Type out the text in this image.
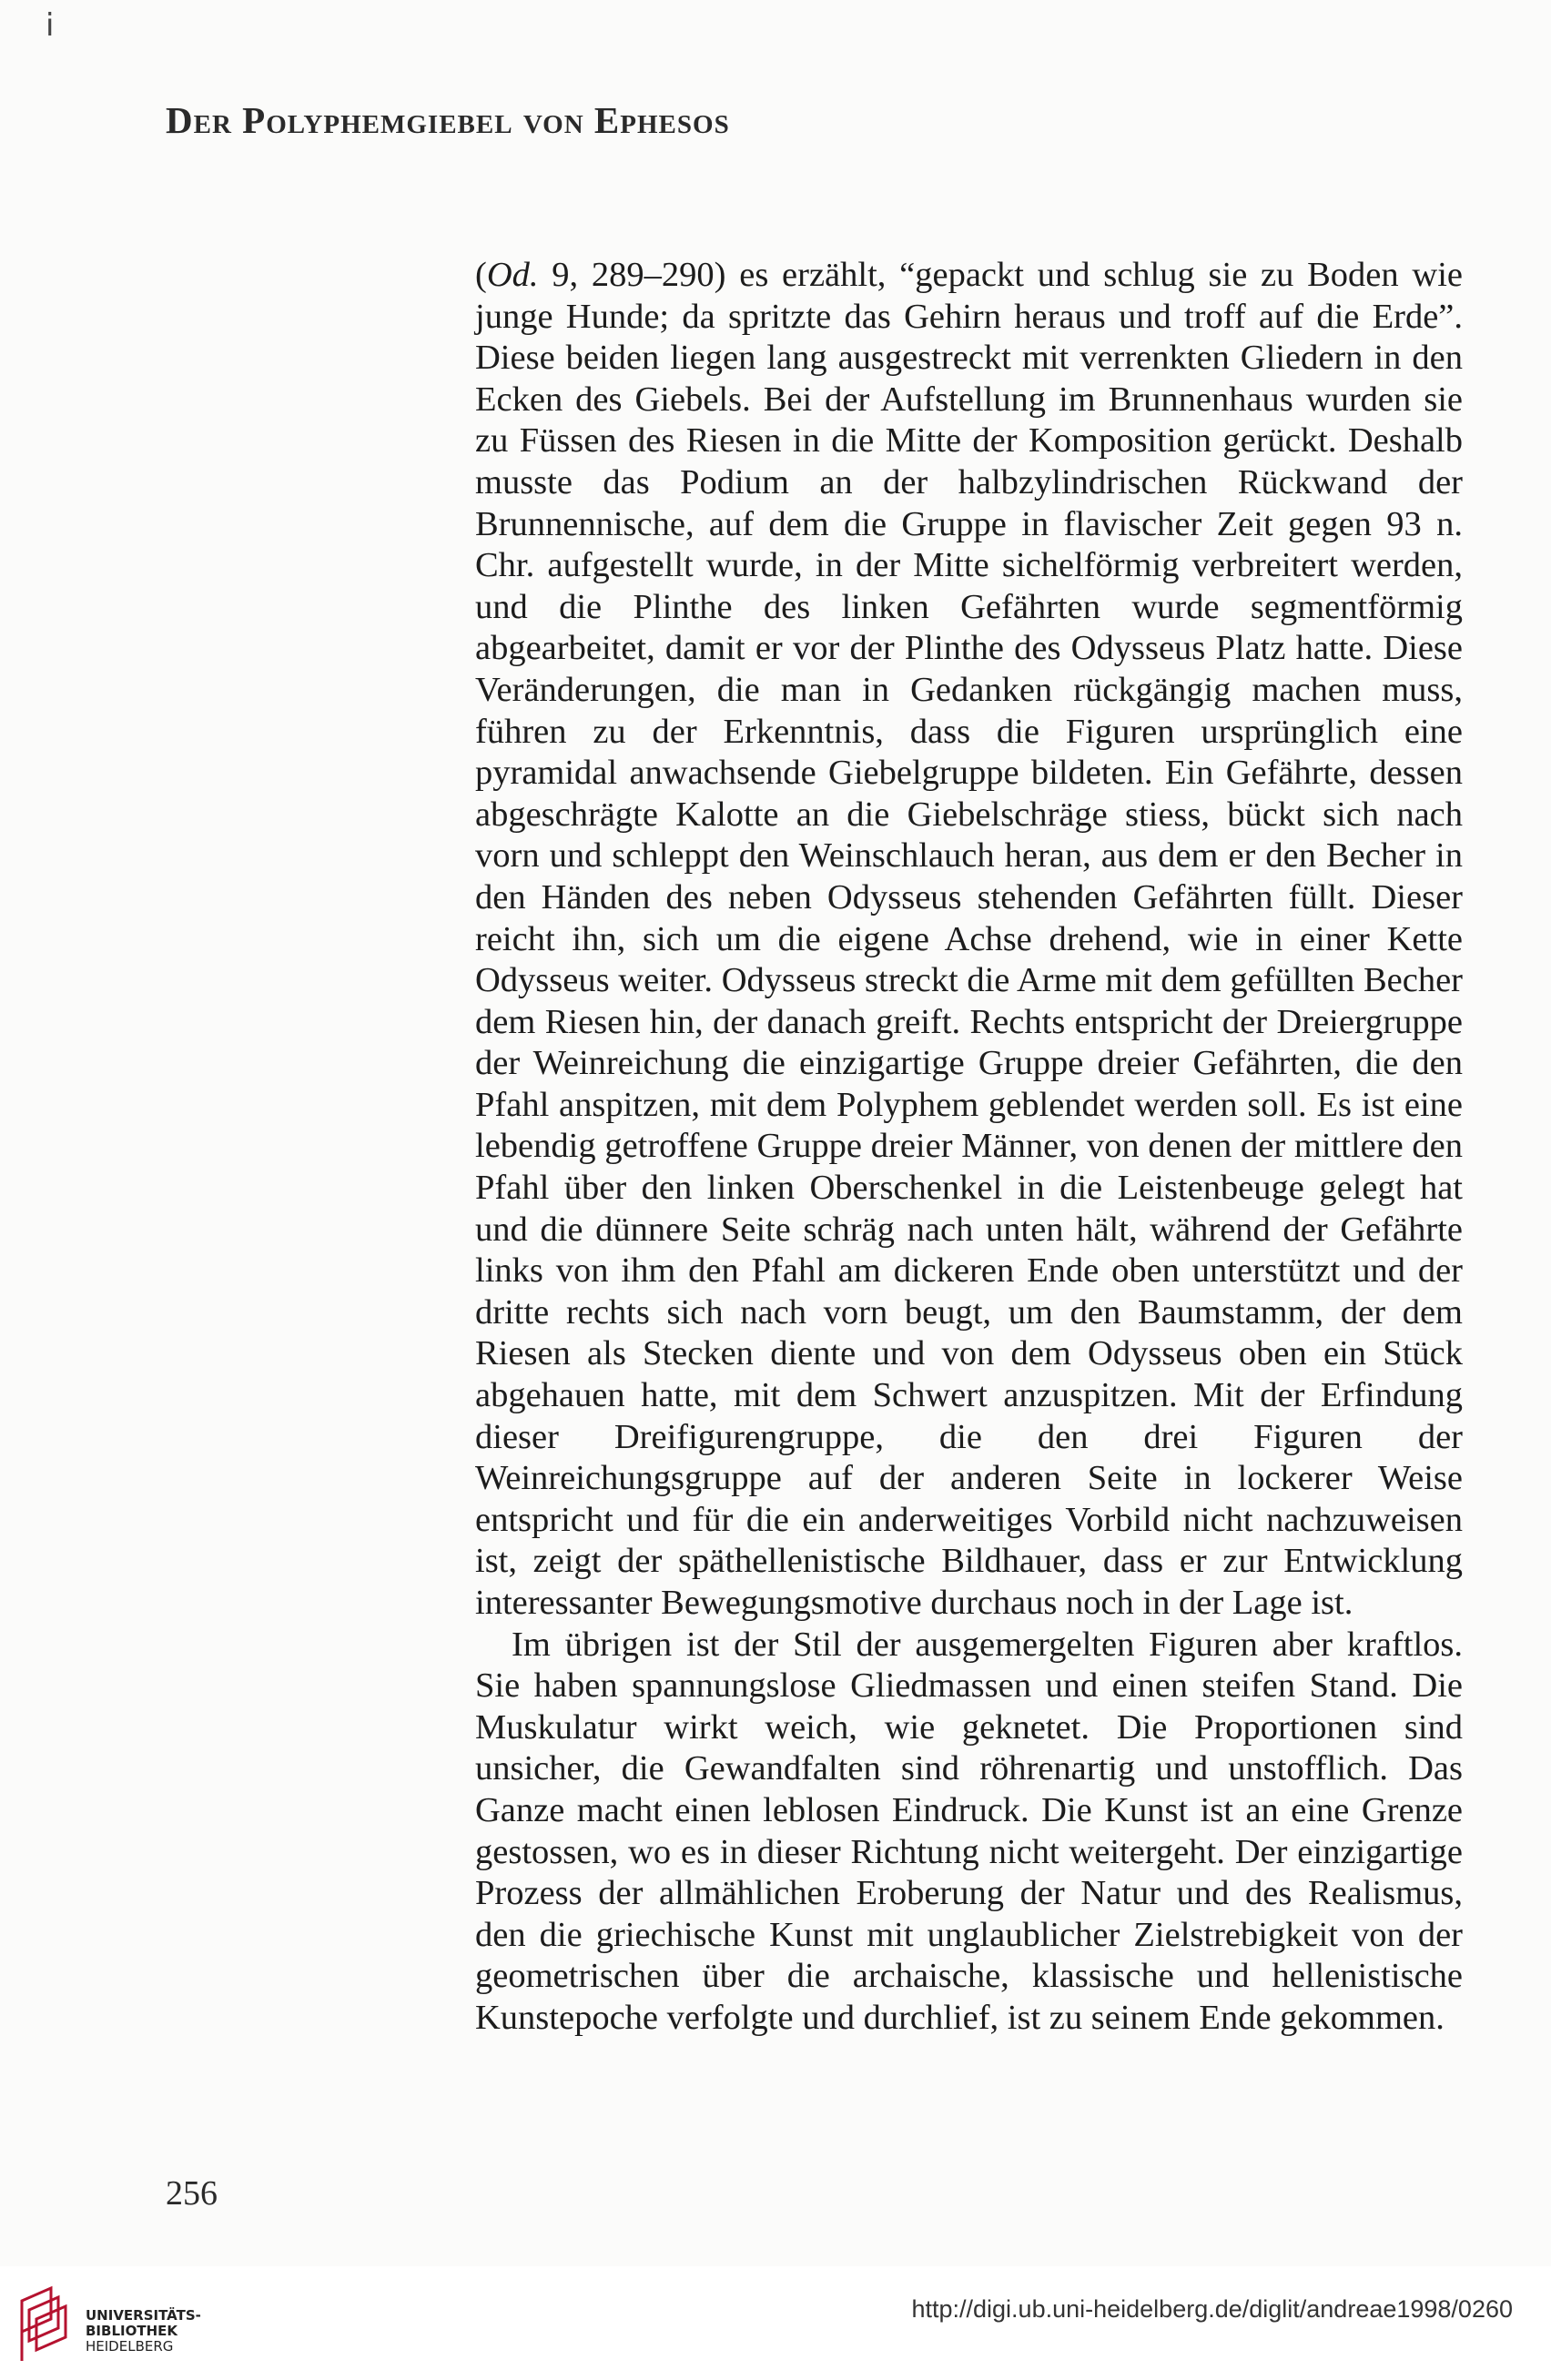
i
Der Polyphemgiebel von Ephesos

(Od. 9, 289–290) es erzählt, “gepackt und schlug sie zu Boden wie junge Hunde; da spritzte das Gehirn heraus und troff auf die Erde”. Diese beiden liegen lang ausgestreckt mit verrenkten Gliedern in den Ecken des Giebels. Bei der Aufstellung im Brunnenhaus wurden sie zu Füssen des Riesen in die Mitte der Komposition gerückt. Deshalb musste das Podium an der halbzylindrischen Rückwand der Brunnennische, auf dem die Gruppe in flavischer Zeit gegen 93 n. Chr. aufgestellt wurde, in der Mitte sichelförmig verbreitert werden, und die Plinthe des linken Gefährten wurde segmentförmig abgearbeitet, damit er vor der Plinthe des Odysseus Platz hatte. Diese Veränderungen, die man in Gedanken rückgängig machen muss, führen zu der Erkenntnis, dass die Figuren ursprünglich eine pyramidal anwachsende Giebelgruppe bildeten. Ein Gefährte, dessen abgeschrägte Kalotte an die Giebelschräge stiess, bückt sich nach vorn und schleppt den Weinschlauch heran, aus dem er den Becher in den Händen des neben Odysseus stehenden Gefährten füllt. Dieser reicht ihn, sich um die eigene Achse drehend, wie in einer Kette Odysseus weiter. Odysseus streckt die Arme mit dem gefüllten Becher dem Riesen hin, der danach greift. Rechts entspricht der Dreiergruppe der Weinreichung die einzigartige Gruppe dreier Gefährten, die den Pfahl anspitzen, mit dem Polyphem geblendet werden soll. Es ist eine lebendig getroffene Gruppe dreier Männer, von denen der mittlere den Pfahl über den linken Oberschenkel in die Leistenbeuge gelegt hat und die dünnere Seite schräg nach unten hält, während der Gefährte links von ihm den Pfahl am dickeren Ende oben unterstützt und der dritte rechts sich nach vorn beugt, um den Baumstamm, der dem Riesen als Stecken diente und von dem Odysseus oben ein Stück abgehauen hatte, mit dem Schwert anzuspitzen. Mit der Erfindung dieser Dreifigurengruppe, die den drei Figuren der Weinreichungsgruppe auf der anderen Seite in lockerer Weise entspricht und für die ein anderweitiges Vorbild nicht nachzuweisen ist, zeigt der späthellenistische Bildhauer, dass er zur Entwicklung interessanter Bewegungsmotive durchaus noch in der Lage ist.

Im übrigen ist der Stil der ausgemergelten Figuren aber kraftlos. Sie haben spannungslose Gliedmassen und einen steifen Stand. Die Muskulatur wirkt weich, wie geknetet. Die Proportionen sind unsicher, die Gewandfalten sind röhrenartig und unstofflich. Das Ganze macht einen leblosen Eindruck. Die Kunst ist an eine Grenze gestossen, wo es in dieser Richtung nicht weitergeht. Der einzigartige Prozess der allmählichen Eroberung der Natur und des Realismus, den die griechische Kunst mit unglaublicher Zielstrebigkeit von der geometrischen über die archaische, klassische und hellenistische Kunstepoche verfolgte und durchlief, ist zu seinem Ende gekommen.

256
UNIVERSITÄTS-
BIBLIOTHEK
HEIDELBERG
http://digi.ub.uni-heidelberg.de/diglit/andreae1998/0260
